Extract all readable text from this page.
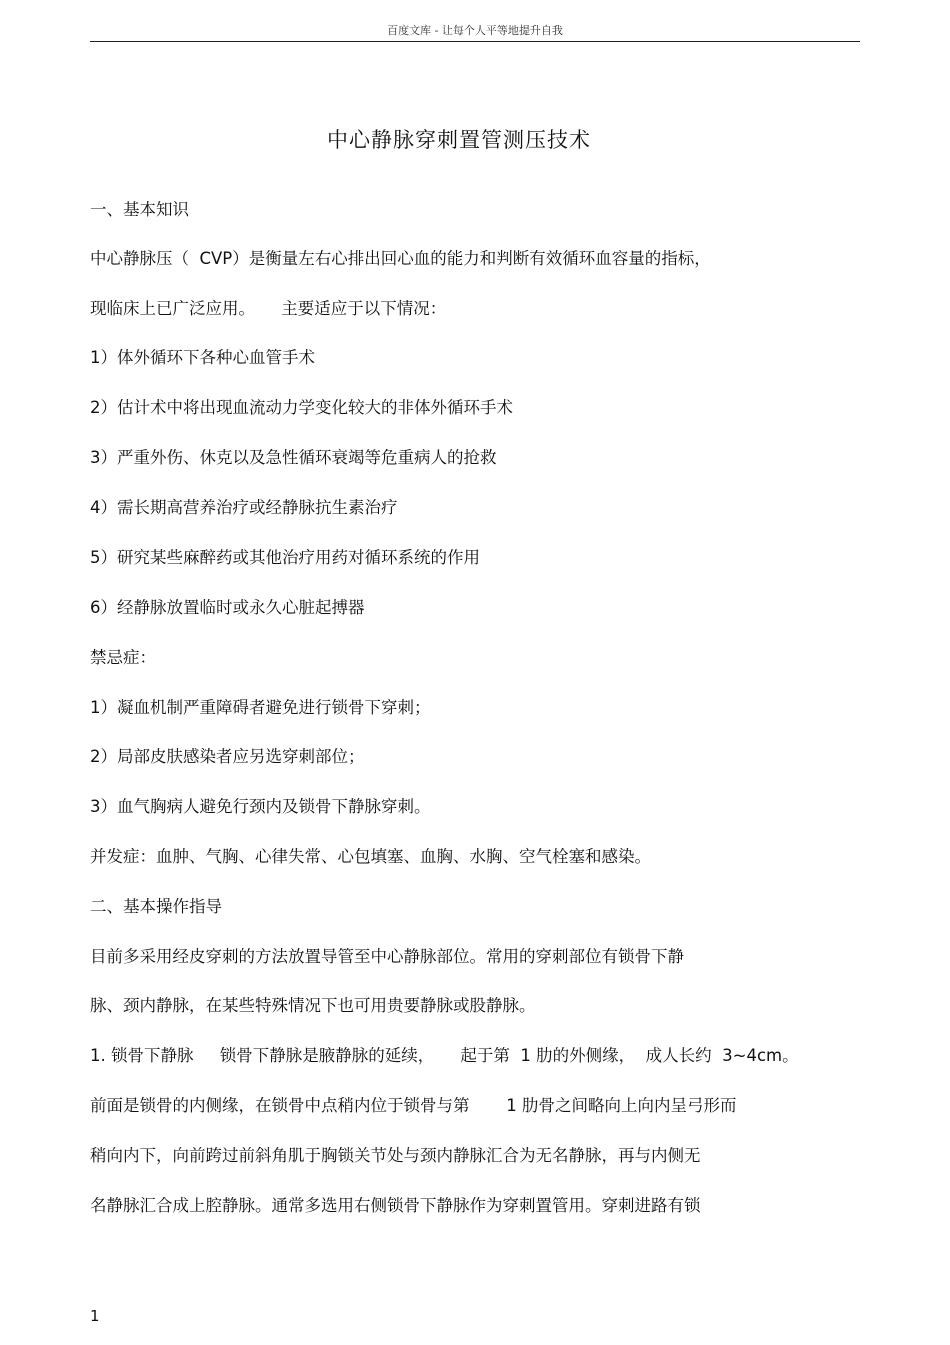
百度文库 - 让每个人平等地提升自我
中心静脉穿刺置管测压技术
一、基本知识
中心静脉压（  CVP）是衡量左右心排出回心血的能力和判断有效循环血容量的指标，
现临床上已广泛应用。     主要适应于以下情况：
1）体外循环下各种心血管手术
2）估计术中将出现血流动力学变化较大的非体外循环手术
3）严重外伤、休克以及急性循环衰竭等危重病人的抢救
4）需长期高营养治疗或经静脉抗生素治疗
5）研究某些麻醉药或其他治疗用药对循环系统的作用
6）经静脉放置临时或永久心脏起搏器
禁忌症：
1）凝血机制严重障碍者避免进行锁骨下穿刺；
2）局部皮肤感染者应另选穿刺部位；
3）血气胸病人避免行颈内及锁骨下静脉穿刺。
并发症：血肿、气胸、心律失常、心包填塞、血胸、水胸、空气栓塞和感染。
二、基本操作指导
目前多采用经皮穿刺的方法放置导管至中心静脉部位。常用的穿刺部位有锁骨下静
脉、颈内静脉，在某些特殊情况下也可用贵要静脉或股静脉。
1. 锁骨下静脉     锁骨下静脉是腋静脉的延续，     起于第  1 肋的外侧缘，  成人长约  3~4cm。
前面是锁骨的内侧缘，在锁骨中点稍内位于锁骨与第       1 肋骨之间略向上向内呈弓形而
稍向内下，向前跨过前斜角肌于胸锁关节处与颈内静脉汇合为无名静脉，再与内侧无
名静脉汇合成上腔静脉。通常多选用右侧锁骨下静脉作为穿刺置管用。穿刺进路有锁
1
